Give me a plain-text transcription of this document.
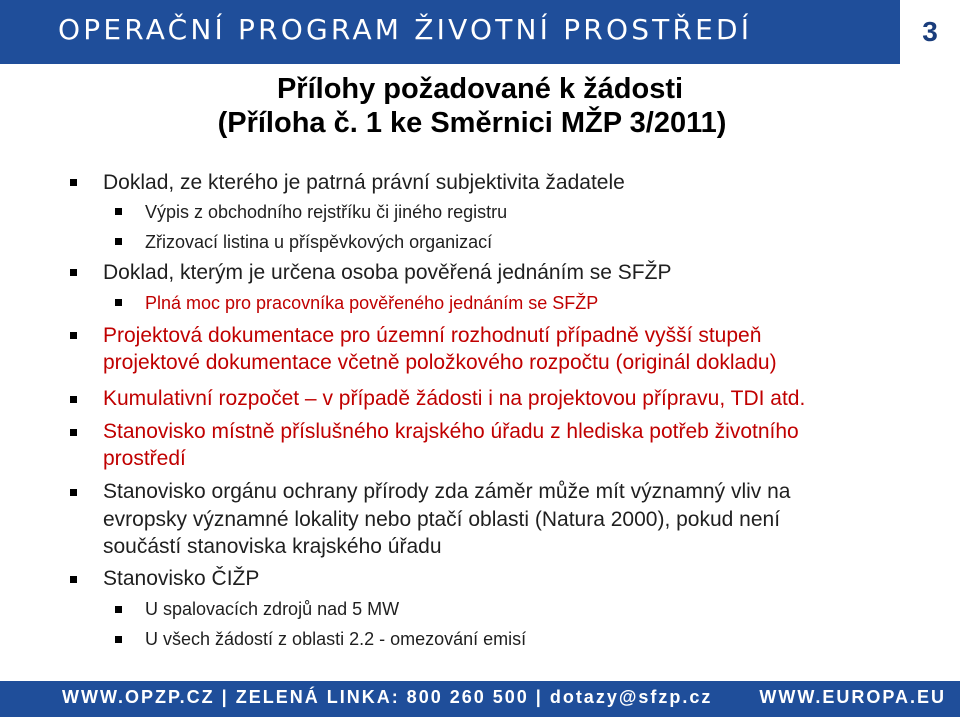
OPERAČNÍ PROGRAM ŽIVOTNÍ PROSTŘEDÍ	3
Přílohy požadované k žádosti

(Příloha č. 1 ke Směrnici MŽP 3/2011)
Doklad, ze kterého je patrná právní subjektivita žadatele
Výpis z obchodního rejstříku či jiného registru
Zřizovací listina u příspěvkových organizací
Doklad, kterým je určena osoba pověřená jednáním se SFŽP
Plná moc pro pracovníka pověřeného jednáním se SFŽP
Projektová dokumentace pro územní rozhodnutí případně vyšší stupeň
projektové dokumentace včetně položkového rozpočtu (originál dokladu)
Kumulativní rozpočet – v případě žádosti i na projektovou přípravu, TDI atd.
Stanovisko místně příslušného krajského úřadu z hlediska potřeb životního
prostředí
Stanovisko orgánu ochrany přírody zda záměr může mít významný vliv na
evropsky významné lokality nebo ptačí oblasti (Natura 2000), pokud není
součástí stanoviska krajského úřadu
Stanovisko ČIŽP
U spalovacích zdrojů nad 5 MW
U všech žádostí z oblasti 2.2 - omezování emisí
WWW.OPZP.CZ | ZELENÁ LINKA: 800 260 500 | dotazy@sfzp.cz	WWW.EUROPA.EU
